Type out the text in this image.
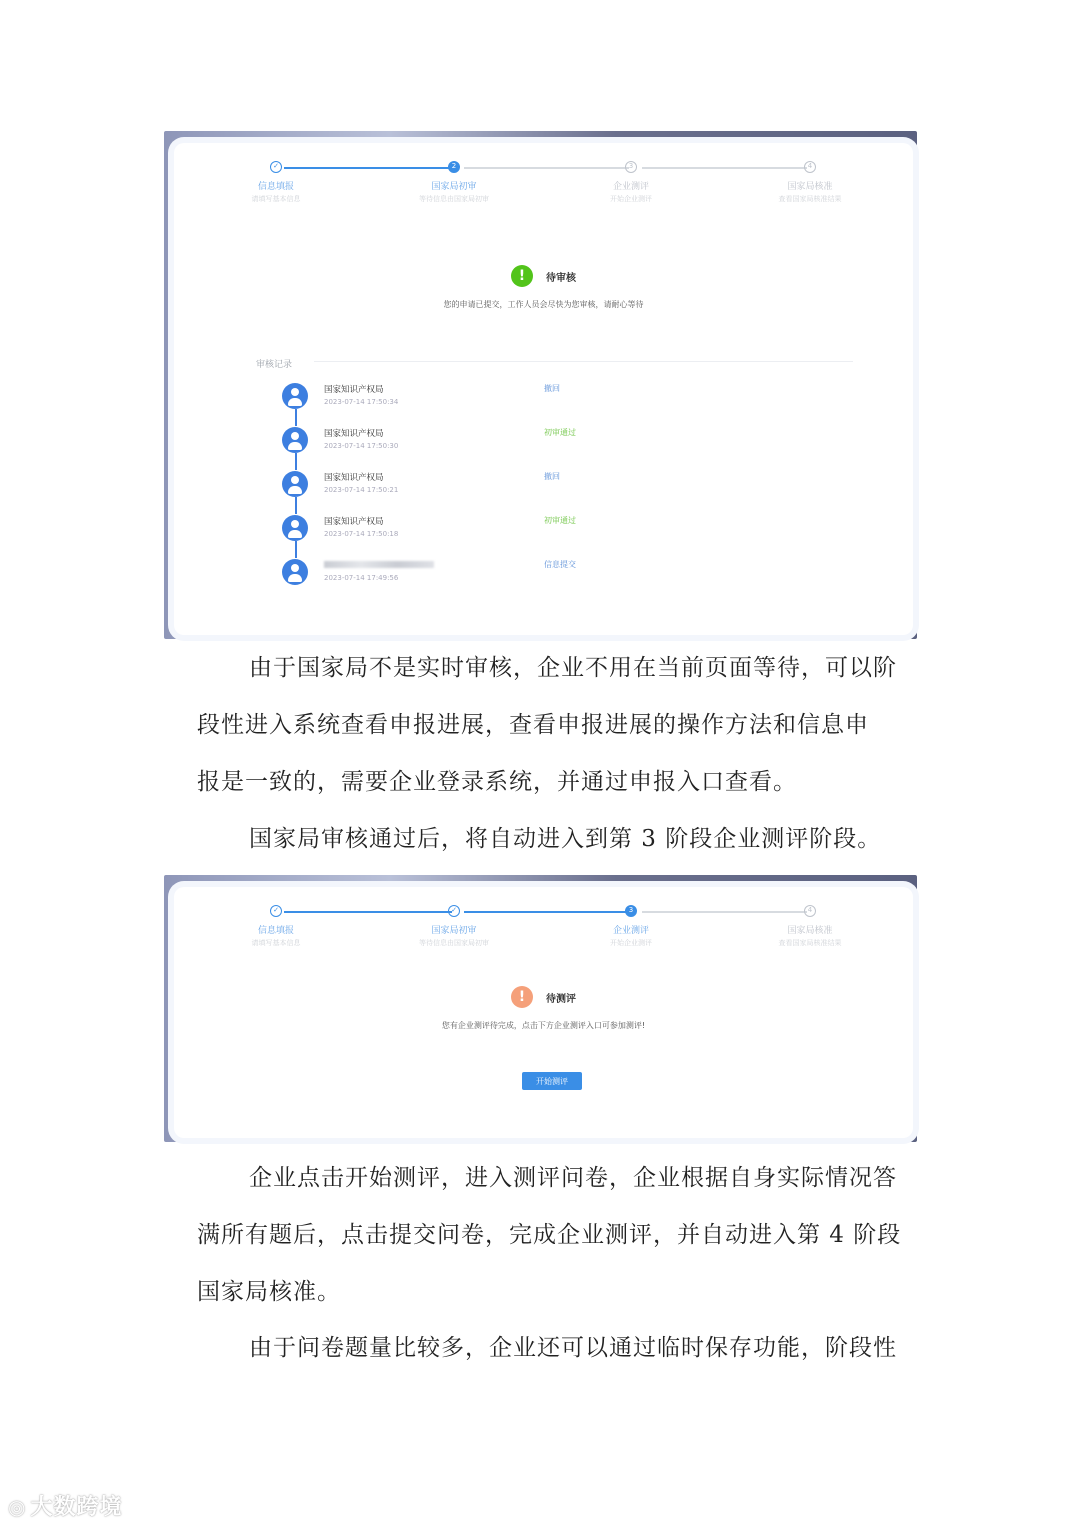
✓
信息填报
请填写基本信息
2
国家局初审
等待信息由国家局初审
3
企业测评
开始企业测评
4
国家局核准
查看国家局核准结果
! 待审核
您的申请已提交，工作人员会尽快为您审核，请耐心等待
审核记录
国家知识产权局
2023-07-14 17:50:34
撤回
国家知识产权局
2023-07-14 17:50:30
初审通过
国家知识产权局
2023-07-14 17:50:21
撤回
国家知识产权局
2023-07-14 17:50:18
初审通过
2023-07-14 17:49:56
信息提交
由于国家局不是实时审核，企业不用在当前页面等待，可以阶
段性进入系统查看申报进展，查看申报进展的操作方法和信息申
报是一致的，需要企业登录系统，并通过申报入口查看。
国家局审核通过后，将自动进入到第 3 阶段企业测评阶段。
✓
信息填报
请填写基本信息
✓
国家局初审
等待信息由国家局初审
3
企业测评
开始企业测评
4
国家局核准
查看国家局核准结果
! 待测评
您有企业测评待完成，点击下方企业测评入口可参加测评!
开始测评
企业点击开始测评，进入测评问卷，企业根据自身实际情况答
满所有题后，点击提交问卷，完成企业测评，并自动进入第 4 阶段
国家局核准。
由于问卷题量比较多，企业还可以通过临时保存功能，阶段性
◎ 大数跨境
